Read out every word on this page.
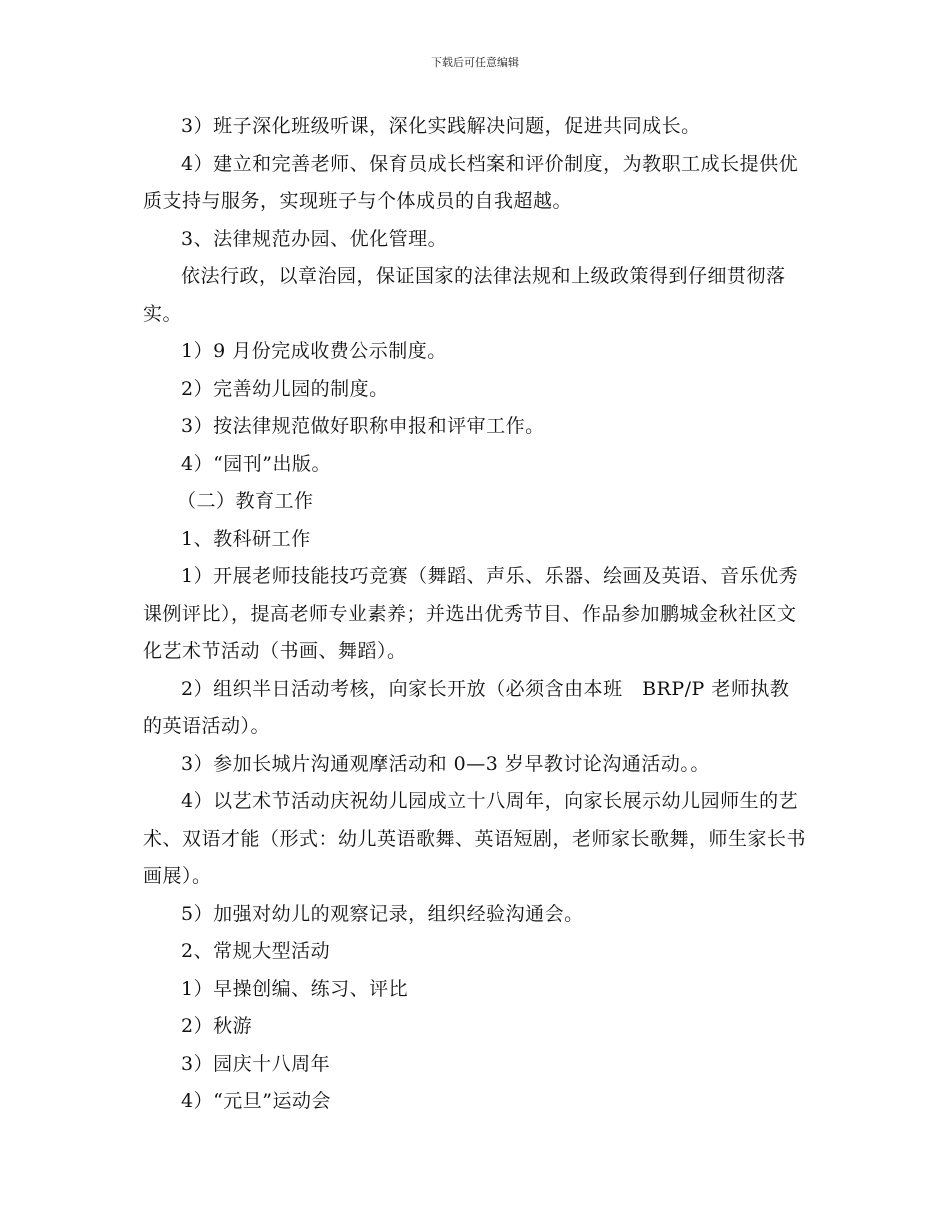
下载后可任意编辑

3）班子深化班级听课，深化实践解决问题，促进共同成长。

4）建立和完善老师、保育员成长档案和评价制度，为教职工成长提供优质支持与服务，实现班子与个体成员的自我超越。

3、法律规范办园、优化管理。

依法行政，以章治园，保证国家的法律法规和上级政策得到仔细贯彻落实。

1）9 月份完成收费公示制度。

2）完善幼儿园的制度。

3）按法律规范做好职称申报和评审工作。

4）“园刊”出版。

（二）教育工作

1、教科研工作

1）开展老师技能技巧竞赛（舞蹈、声乐、乐器、绘画及英语、音乐优秀课例评比），提高老师专业素养；并选出优秀节目、作品参加鹏城金秋社区文化艺术节活动（书画、舞蹈）。

2）组织半日活动考核，向家长开放（必须含由本班　BRP/P 老师执教的英语活动）。

3）参加长城片沟通观摩活动和 0—3 岁早教讨论沟通活动。。

4）以艺术节活动庆祝幼儿园成立十八周年，向家长展示幼儿园师生的艺术、双语才能（形式：幼儿英语歌舞、英语短剧，老师家长歌舞，师生家长书画展）。

5）加强对幼儿的观察记录，组织经验沟通会。

2、常规大型活动

1）早操创编、练习、评比

2）秋游

3）园庆十八周年

4）“元旦”运动会
